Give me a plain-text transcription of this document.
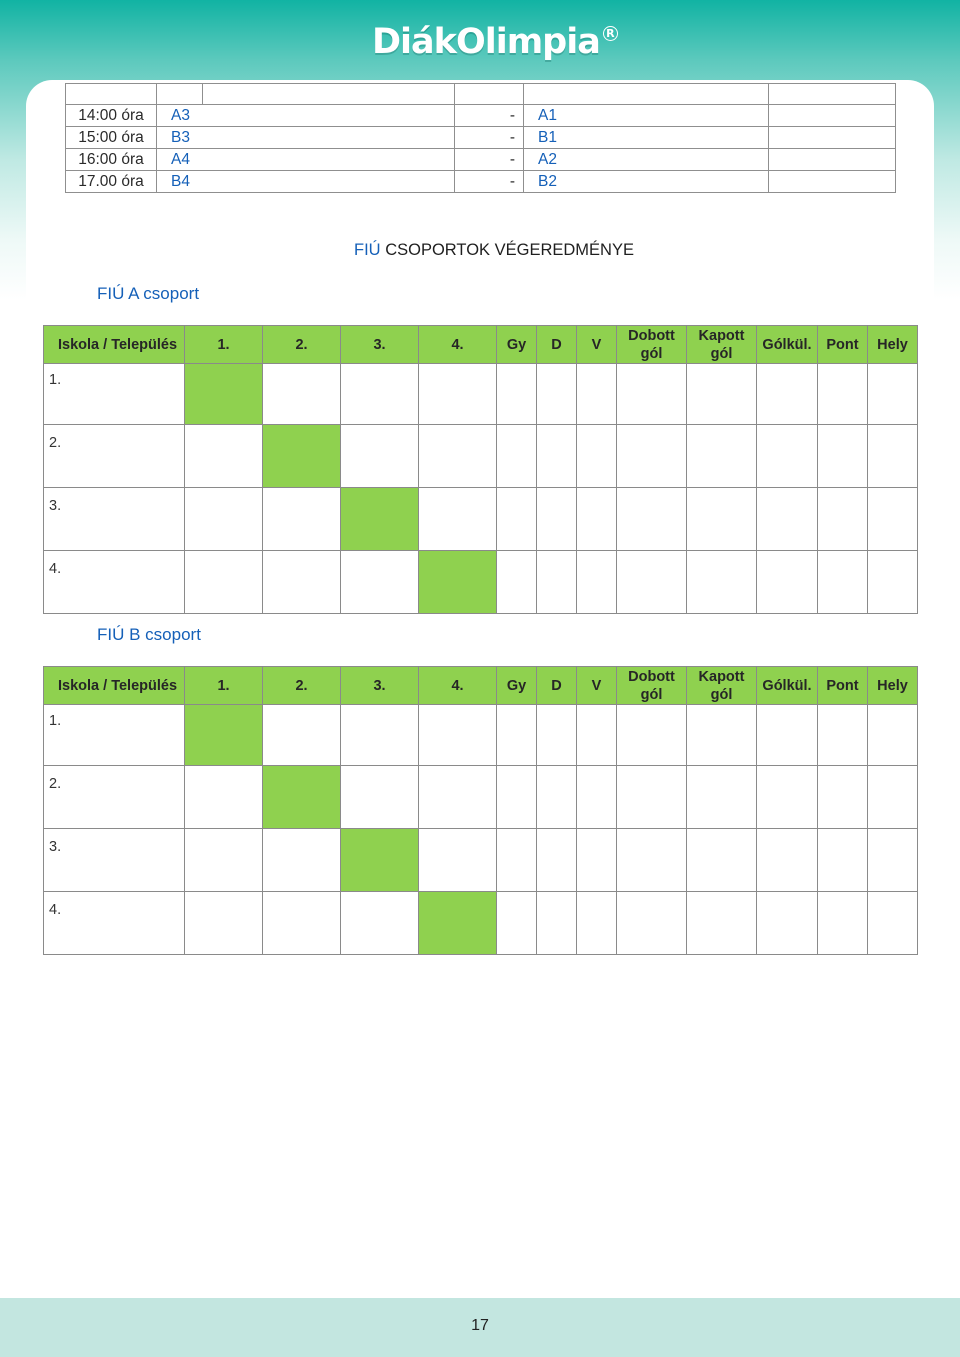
DiákOlimpia R

14:00 óra	A3		-	A1	
15:00 óra	B3		-	B1	
16:00 óra	A4		-	A2	
17.00 óra	B4		-	B2	
FIÚ CSOPORTOK VÉGEREDMÉNYE
FIÚ A csoport
Iskola / Település	1.	2.	3.	4.	Gy	D	V	Dobott
gól	Kapott
gól	Gólkül.	Pont	Hely
1.												
2.												
3.												
4.												
FIÚ B csoport
Iskola / Település	1.	2.	3.	4.	Gy	D	V	Dobott
gól	Kapott
gól	Gólkül.	Pont	Hely
1.												
2.												
3.												
4.												
17
